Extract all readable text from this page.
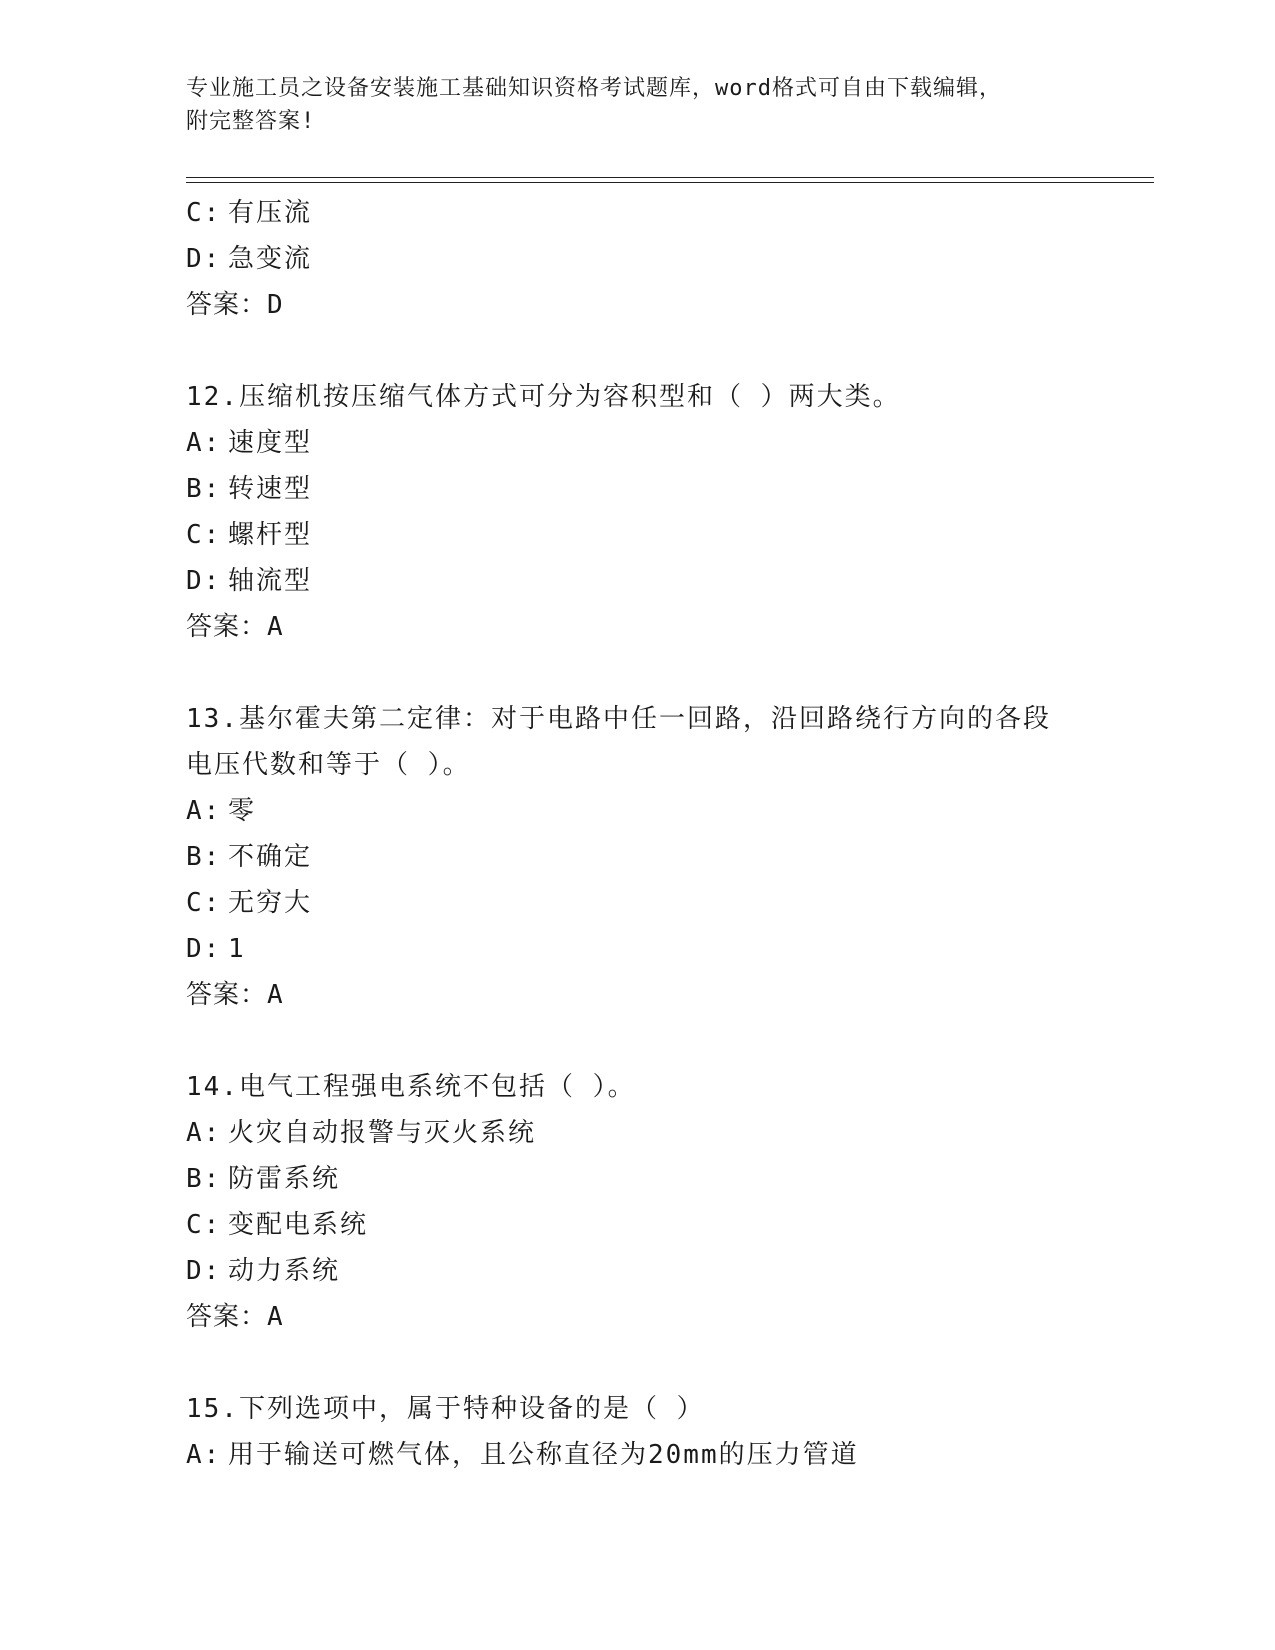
专业施工员之设备安装施工基础知识资格考试题库，word格式可自由下载编辑，
附完整答案!
C: 有压流
D: 急变流
答案：D
12.压缩机按压缩气体方式可分为容积型和（ ）两大类。
A: 速度型
B: 转速型
C: 螺杆型
D: 轴流型
答案：A
13.基尔霍夫第二定律：对于电路中任一回路，沿回路绕行方向的各段
电压代数和等于（ ）。
A: 零
B: 不确定
C: 无穷大
D: 1
答案：A
14.电气工程强电系统不包括（ ）。
A: 火灾自动报警与灭火系统
B: 防雷系统
C: 变配电系统
D: 动力系统
答案：A
15.下列选项中，属于特种设备的是（ ）
A: 用于输送可燃气体，且公称直径为20mm的压力管道
